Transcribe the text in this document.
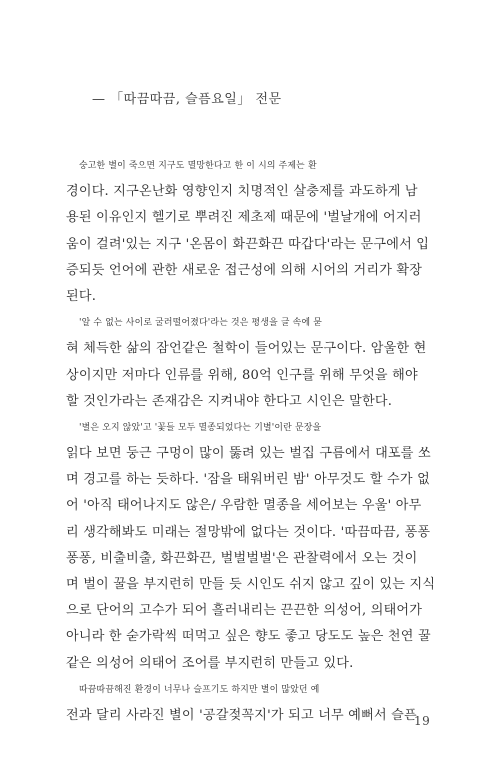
— 「따끔따끔, 슬픔요일」 전문
숭고한 별이 죽으면 지구도 멸망한다고 한 이 시의 주제는 환
경이다. 지구온난화 영향인지 치명적인 살충제를 과도하게 남
용된 이유인지 헬기로 뿌려진 제초제 때문에 '벌날개에 어지러
움이 걸려'있는 지구 '온몸이 화끈화끈 따갑다'라는 문구에서 입
증되듯 언어에 관한 새로운 접근성에 의해 시어의 거리가 확장
된다.
'알 수 없는 사이로 굴러떨어졌다'라는 것은 평생을 글 속에 묻
혀 체득한 삶의 잠언같은 철학이 들어있는 문구이다. 암울한 현
상이지만 저마다 인류를 위해, 80억 인구를 위해 무엇을 해야
할 것인가라는 존재감은 지켜내야 한다고 시인은 말한다.
'별은 오지 않았'고 '꽃들 모두 멸종되었다는 기별'이란 문장을
읽다 보면 둥근 구멍이 많이 뚫려 있는 벌집 구름에서 대포를 쏘
며 경고를 하는 듯하다. '잠을 태워버린 밤' 아무것도 할 수가 없
어 '아직 태어나지도 않은/ 우람한 멸종을 세어보는 우울' 아무
리 생각해봐도 미래는 절망밖에 없다는 것이다. '따끔따끔, 퐁퐁
퐁퐁, 비출비출, 화끈화끈, 벌벌벌벌'은 관찰력에서 오는 것이
며 벌이 꿀을 부지런히 만들 듯 시인도 쉬지 않고 깊이 있는 지식
으로 단어의 고수가 되어 흘러내리는 끈끈한 의성어, 의태어가
아니라 한 숟가락씩 떠먹고 싶은 향도 좋고 당도도 높은 천연 꿀
같은 의성어 의태어 조어를 부지런히 만들고 있다.
따끔따끔해진 환경이 너무나 슬프기도 하지만 별이 많았던 예
전과 달리 사라진 별이 '공갈젖꼭지'가 되고 너무 예뻐서 슬픈
19
